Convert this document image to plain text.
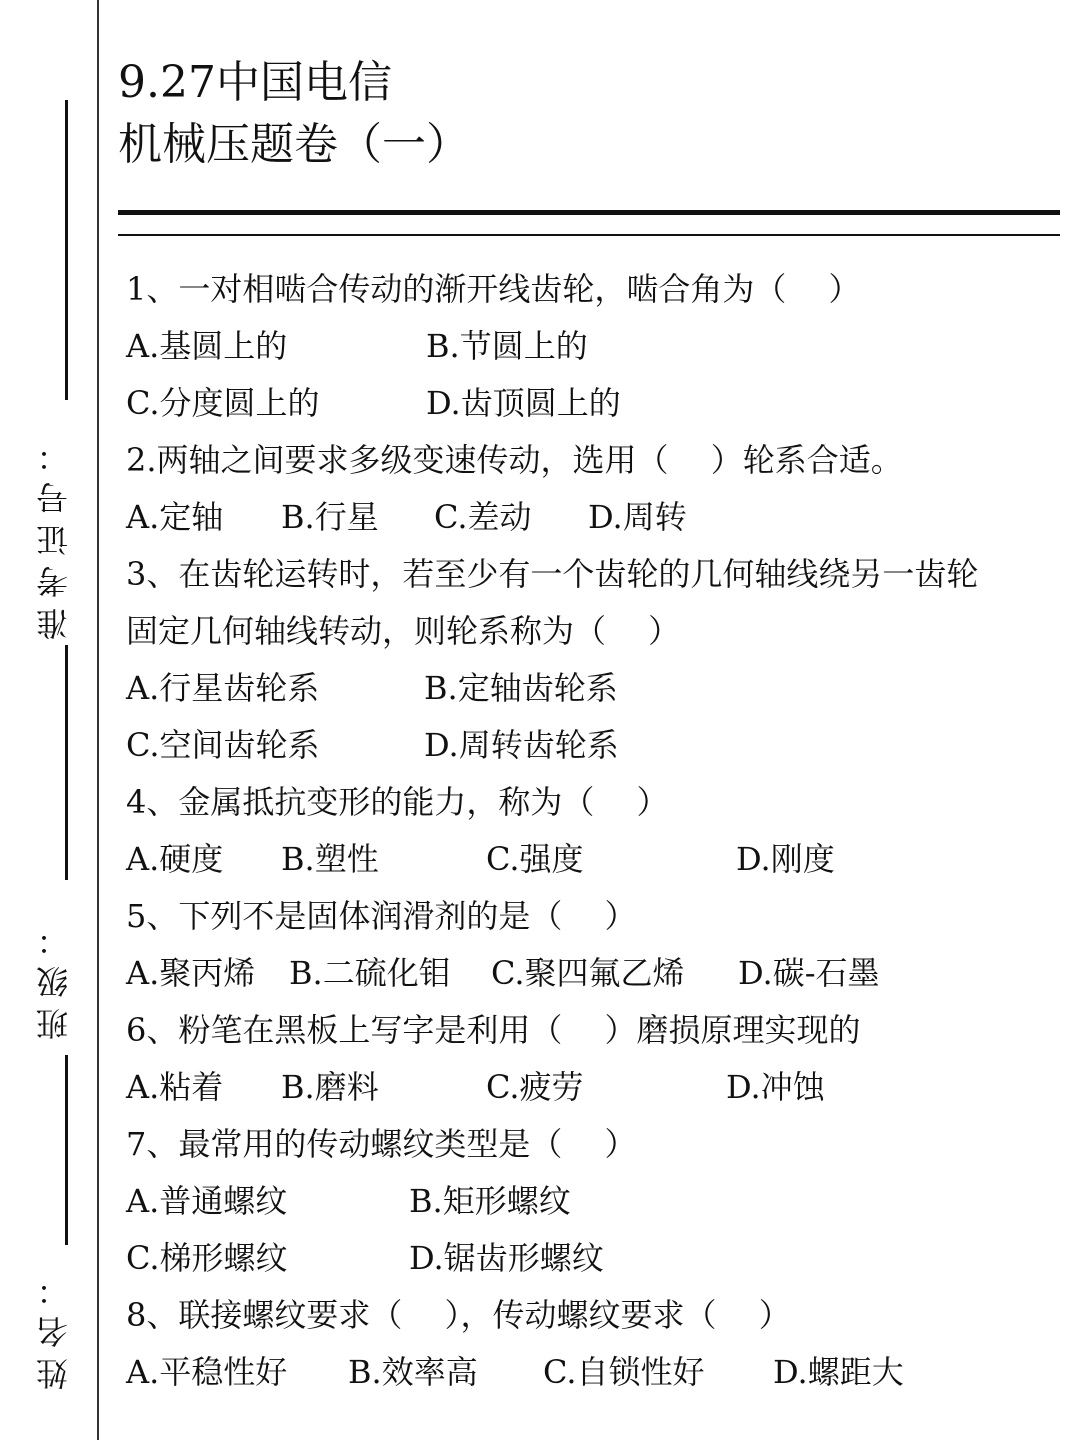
准考证号：
班级：
姓名：
9.27中国电信
机械压题卷（一）
1、一对相啮合传动的渐开线齿轮，啮合角为（　 ）
A.基圆上的	B.节圆上的
C.分度圆上的	D.齿顶圆上的
2.两轴之间要求多级变速传动，选用（　 ）轮系合适。
A.定轴 B.行星 C.差动 D.周转
3、在齿轮运转时，若至少有一个齿轮的几何轴线绕另一齿轮
固定几何轴线转动，则轮系称为（　 ）
A.行星齿轮系	B.定轴齿轮系
C.空间齿轮系	D.周转齿轮系
4、金属抵抗变形的能力，称为（　 ）
A.硬度 B.塑性	C.强度	D.刚度
5、下列不是固体润滑剂的是（　 ）
A.聚丙烯 B.二硫化钼 C.聚四氟乙烯 D.碳-石墨
6、粉笔在黑板上写字是利用（　 ）磨损原理实现的
A.粘着 B.磨料	C.疲劳	D.冲蚀
7、最常用的传动螺纹类型是（　 ）
A.普通螺纹	B.矩形螺纹
C.梯形螺纹	D.锯齿形螺纹
8、联接螺纹要求（　 ），传动螺纹要求（　 ）
A.平稳性好 B.效率高 C.自锁性好 D.螺距大
